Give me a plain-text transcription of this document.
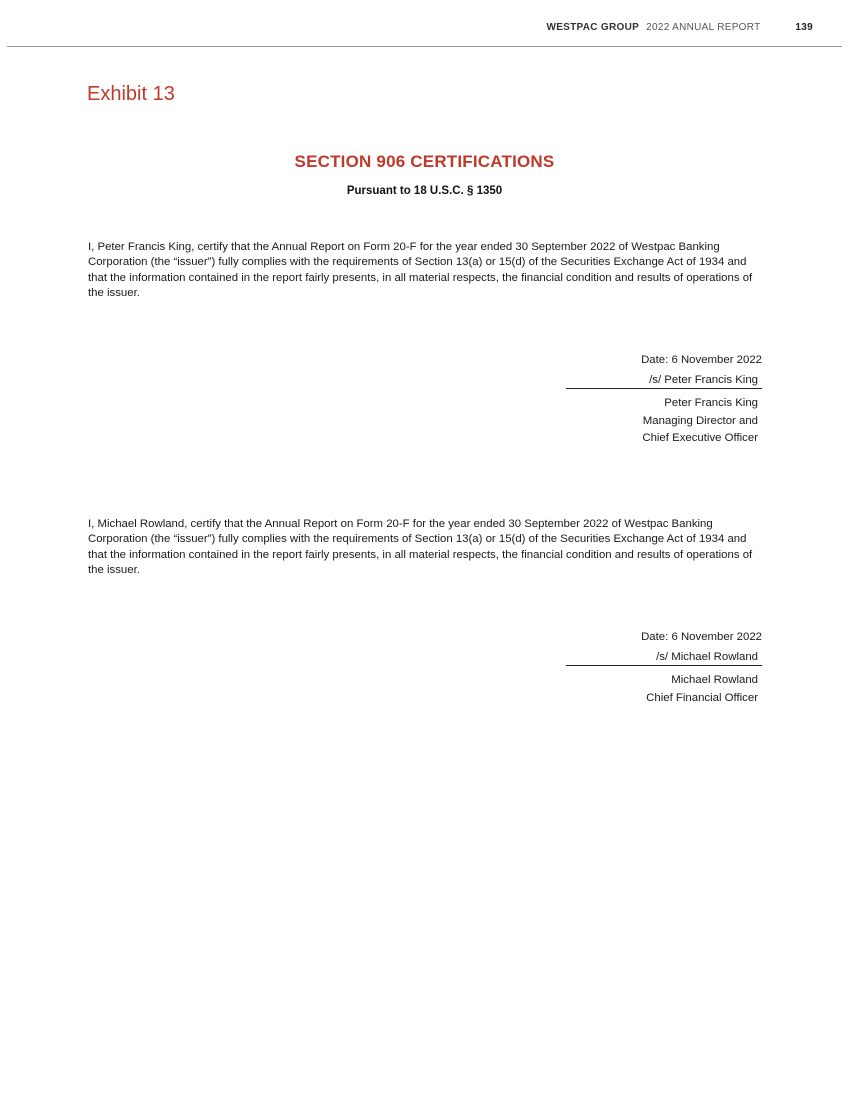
WESTPAC GROUP 2022 ANNUAL REPORT	139
Exhibit 13
SECTION 906 CERTIFICATIONS
Pursuant to 18 U.S.C. § 1350
I, Peter Francis King, certify that the Annual Report on Form 20-F for the year ended 30 September 2022 of Westpac Banking Corporation (the “issuer”) fully complies with the requirements of Section 13(a) or 15(d) of the Securities Exchange Act of 1934 and that the information contained in the report fairly presents, in all material respects, the financial condition and results of operations of the issuer.
Date: 6 November 2022
/s/ Peter Francis King
Peter Francis King
Managing Director and
Chief Executive Officer
I, Michael Rowland, certify that the Annual Report on Form 20-F for the year ended 30 September 2022 of Westpac Banking Corporation (the “issuer”) fully complies with the requirements of Section 13(a) or 15(d) of the Securities Exchange Act of 1934 and that the information contained in the report fairly presents, in all material respects, the financial condition and results of operations of the issuer.
Date: 6 November 2022
/s/ Michael Rowland
Michael Rowland
Chief Financial Officer
